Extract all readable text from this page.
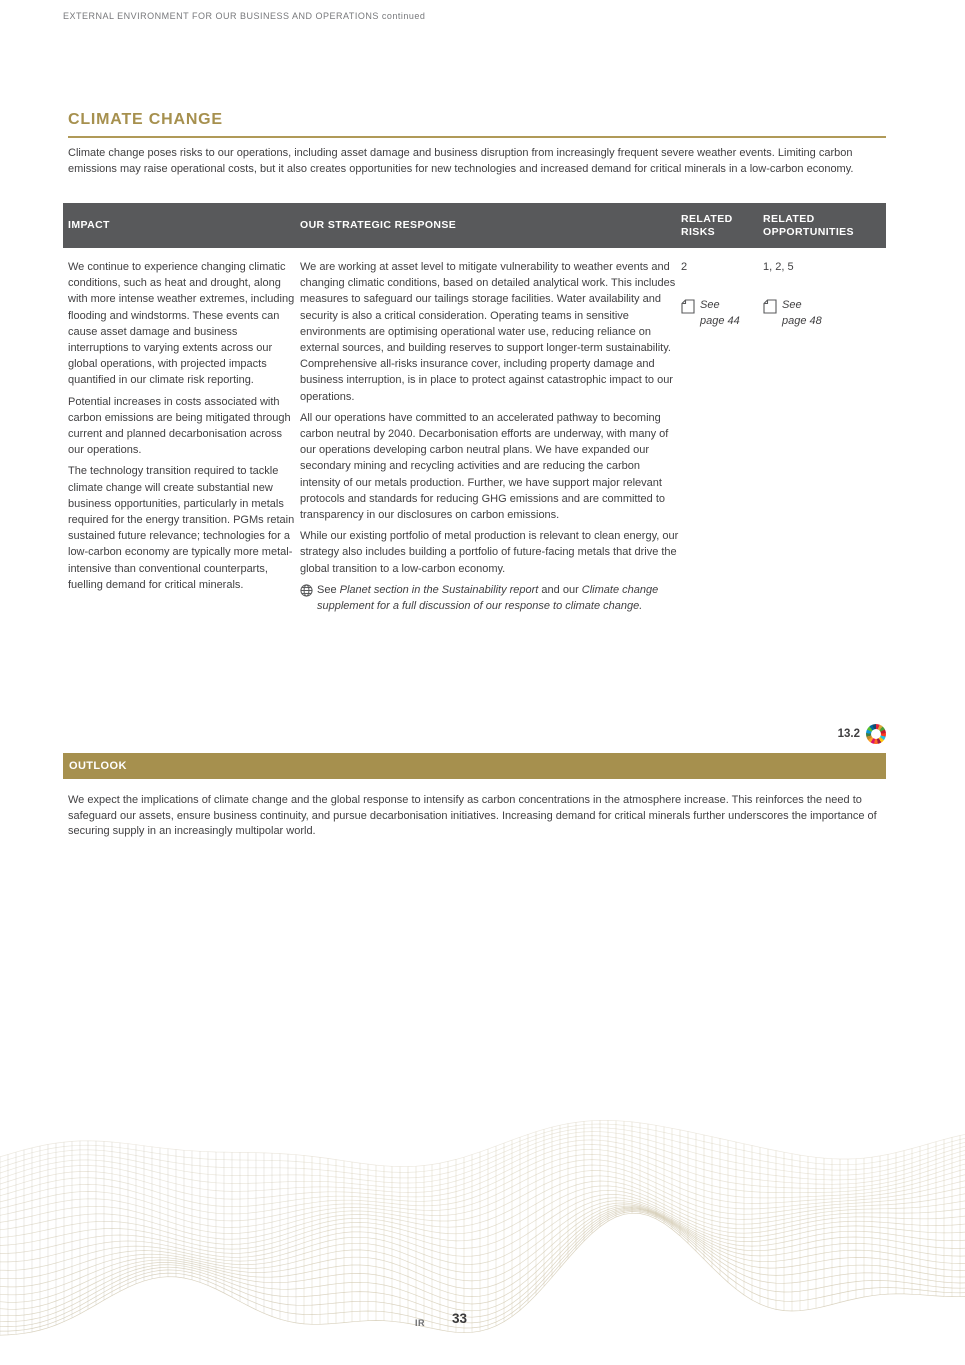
EXTERNAL ENVIRONMENT FOR OUR BUSINESS AND OPERATIONS continued
CLIMATE CHANGE
Climate change poses risks to our operations, including asset damage and business disruption from increasingly frequent severe weather events. Limiting carbon emissions may raise operational costs, but it also creates opportunities for new technologies and increased demand for critical minerals in a low-carbon economy.
IMPACT	OUR STRATEGIC RESPONSE
RELATED RISKS
RELATED OPPORTUNITIES

We continue to experience changing climatic conditions, such as heat and drought, along with more intense weather extremes, including flooding and windstorms. These events can cause asset damage and business interruptions to varying extents across our global operations, with projected impacts quantified in our climate risk reporting.

Potential increases in costs associated with carbon emissions are being mitigated through current and planned decarbonisation across our operations.

The technology transition required to tackle climate change will create substantial new business opportunities, particularly in metals required for the energy transition. PGMs retain sustained future relevance; technologies for a low-carbon economy are typically more metal- intensive than conventional counterparts, fuelling demand for critical minerals.

We are working at asset level to mitigate vulnerability to weather events and changing climatic conditions, based on detailed analytical work. This includes measures to safeguard our tailings storage facilities. Water availability and security is also a critical consideration. Operating teams in sensitive environments are optimising operational water use, reducing reliance on external sources, and building reserves to support longer-term sustainability. Comprehensive all-risks insurance cover, including property damage and business interruption, is in place to protect against catastrophic impact to our operations.

All our operations have committed to an accelerated pathway to becoming carbon neutral by 2040. Decarbonisation efforts are underway, with many of our operations developing carbon neutral plans. We have expanded our secondary mining and recycling activities and are reducing the carbon intensity of our metals production. Further, we have support major relevant protocols and standards for reducing GHG emissions and are committed to transparency in our disclosures on carbon emissions.

While our existing portfolio of metal production is relevant to clean energy, our strategy also includes building a portfolio of future-facing metals that drive the global transition to a low-carbon economy.

See Planet section in the Sustainability report and our Climate change supplement for a full discussion of our response to climate change.

2
See
page 44
1, 2, 5
See
page 48
13.2
OUTLOOK
We expect the implications of climate change and the global response to intensify as carbon concentrations in the atmosphere increase. This reinforces the need to safeguard our assets, ensure business continuity, and pursue decarbonisation initiatives. Increasing demand for critical minerals further underscores the importance of securing supply in an increasingly multipolar world.
IR 33
